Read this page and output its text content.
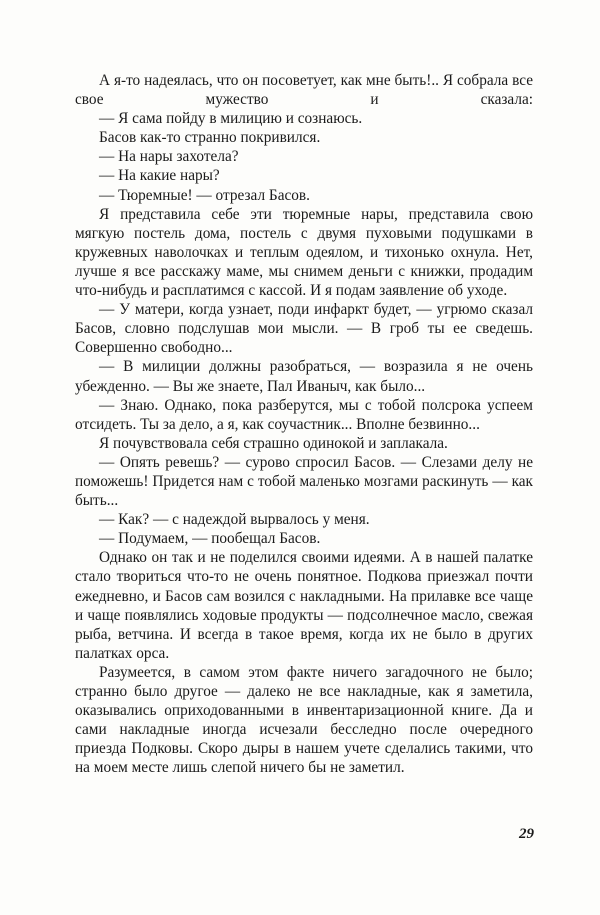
А я-то надеялась, что он посоветует, как мне быть!.. Я собрала все свое мужество и сказала:

— Я сама пойду в милицию и сознаюсь.

Басов как-то странно покривился.

— На нары захотела?

— На какие нары?

— Тюремные! — отрезал Басов.

Я представила себе эти тюремные нары, представила свою мягкую постель дома, постель с двумя пуховыми подушками в кружевных наволочках и теплым одеялом, и тихонько охнула. Нет, лучше я все расскажу маме, мы снимем деньги с книжки, продадим что-нибудь и расплатимся с кассой. И я подам заявление об уходе.

— У матери, когда узнает, поди инфаркт будет, — угрюмо сказал Басов, словно подслушав мои мысли. — В гроб ты ее сведешь. Совершенно свободно...

— В милиции должны разобраться, — возразила я не очень убежденно. — Вы же знаете, Пал Иваныч, как было...

— Знаю. Однако, пока разберутся, мы с тобой полсрока успеем отсидеть. Ты за дело, а я, как соучастник... Вполне безвинно...

Я почувствовала себя страшно одинокой и заплакала.

— Опять ревешь? — сурово спросил Басов. — Слезами делу не поможешь! Придется нам с тобой маленько мозгами раскинуть — как быть...

— Как? — с надеждой вырвалось у меня.

— Подумаем, — пообещал Басов.

Однако он так и не поделился своими идеями. А в нашей палатке стало твориться что-то не очень понятное. Подкова приезжал почти ежедневно, и Басов сам возился с накладными. На прилавке все чаще и чаще появлялись ходовые продукты — подсолнечное масло, свежая рыба, ветчина. И всегда в такое время, когда их не было в других палатках орса.

Разумеется, в самом этом факте ничего загадочного не было; странно было другое — далеко не все накладные, как я заметила, оказывались оприходованными в инвентаризационной книге. Да и сами накладные иногда исчезали бесследно после очередного приезда Подковы. Скоро дыры в нашем учете сделались такими, что на моем месте лишь слепой ничего бы не заметил.

29
